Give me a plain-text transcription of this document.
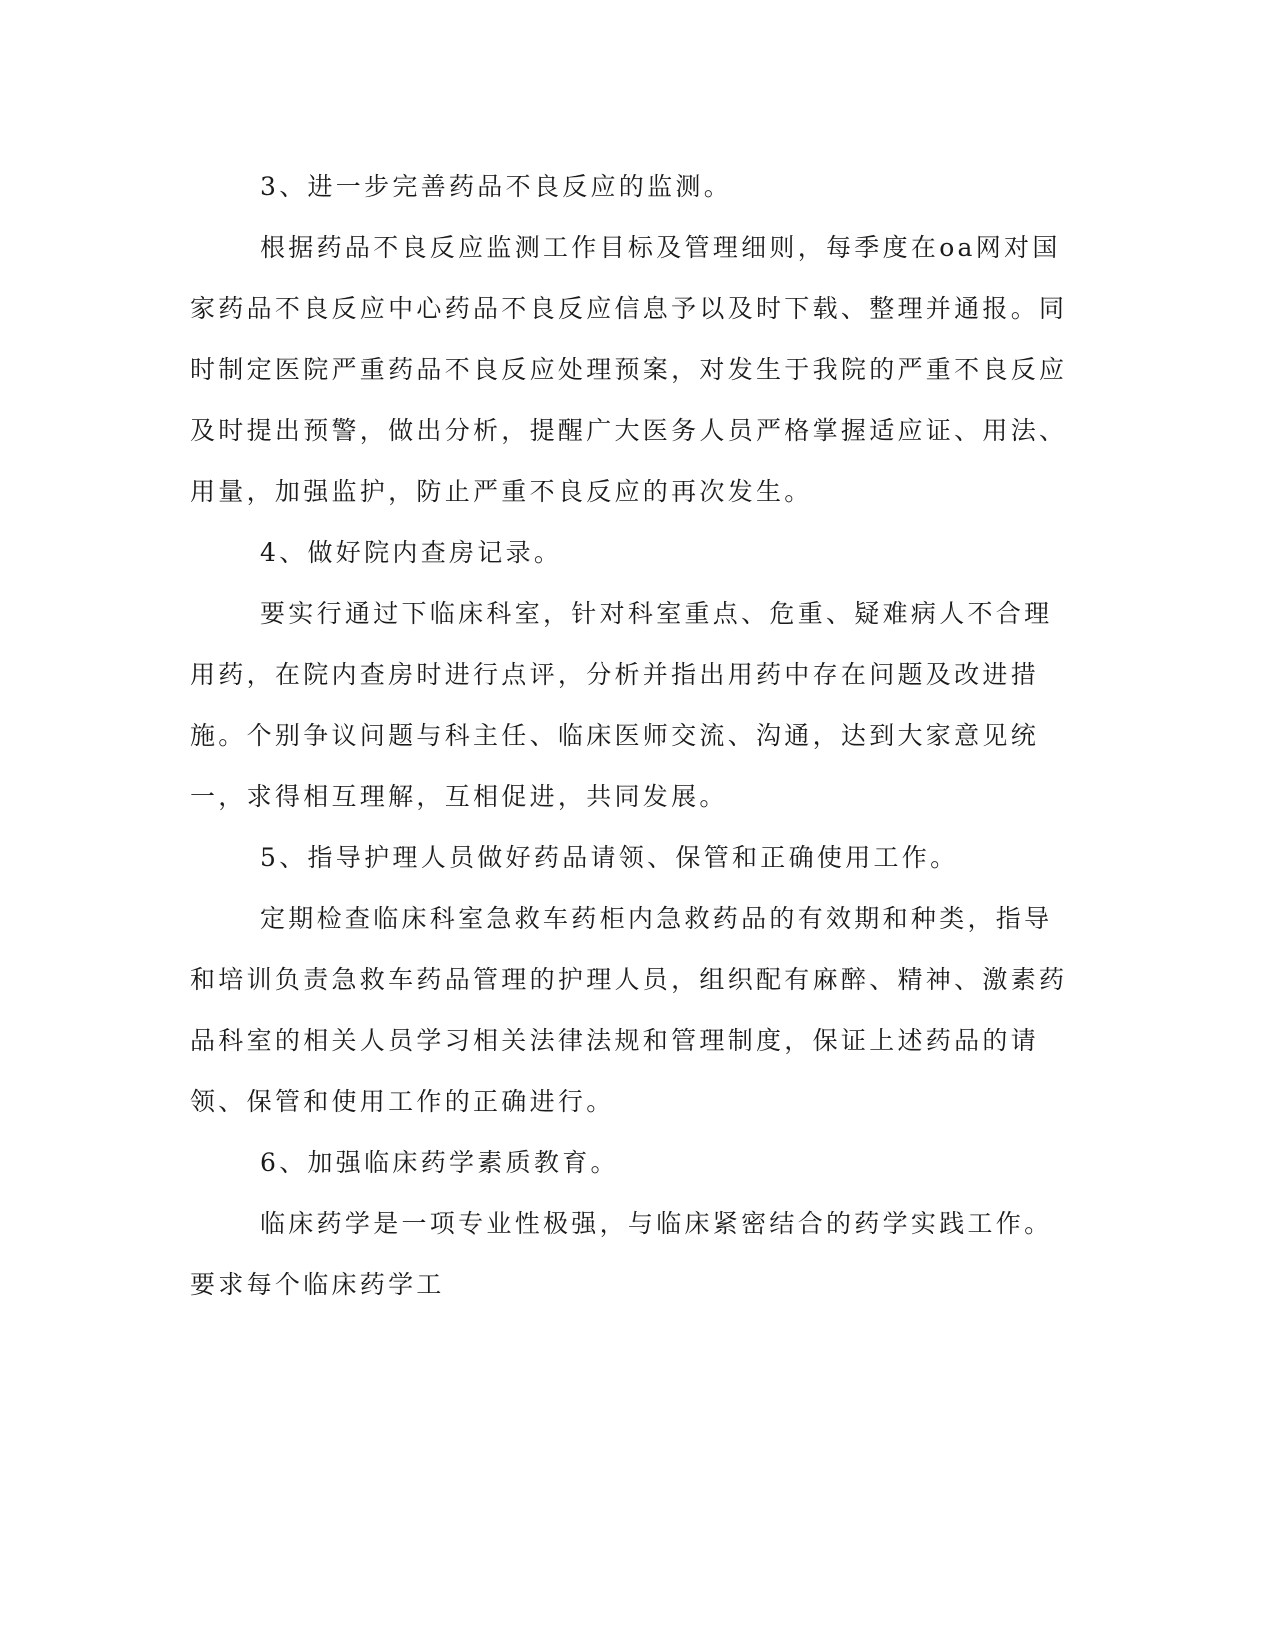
3、进一步完善药品不良反应的监测。

根据药品不良反应监测工作目标及管理细则，每季度在oa网对国家药品不良反应中心药品不良反应信息予以及时下载、整理并通报。同时制定医院严重药品不良反应处理预案，对发生于我院的严重不良反应及时提出预警，做出分析，提醒广大医务人员严格掌握适应证、用法、用量，加强监护，防止严重不良反应的再次发生。

4、做好院内查房记录。

要实行通过下临床科室，针对科室重点、危重、疑难病人不合理用药，在院内查房时进行点评，分析并指出用药中存在问题及改进措施。个别争议问题与科主任、临床医师交流、沟通，达到大家意见统一，求得相互理解，互相促进，共同发展。

5、指导护理人员做好药品请领、保管和正确使用工作。

定期检查临床科室急救车药柜内急救药品的有效期和种类，指导和培训负责急救车药品管理的护理人员，组织配有麻醉、精神、激素药品科室的相关人员学习相关法律法规和管理制度，保证上述药品的请领、保管和使用工作的正确进行。

6、加强临床药学素质教育。

临床药学是一项专业性极强，与临床紧密结合的药学实践工作。要求每个临床药学工
